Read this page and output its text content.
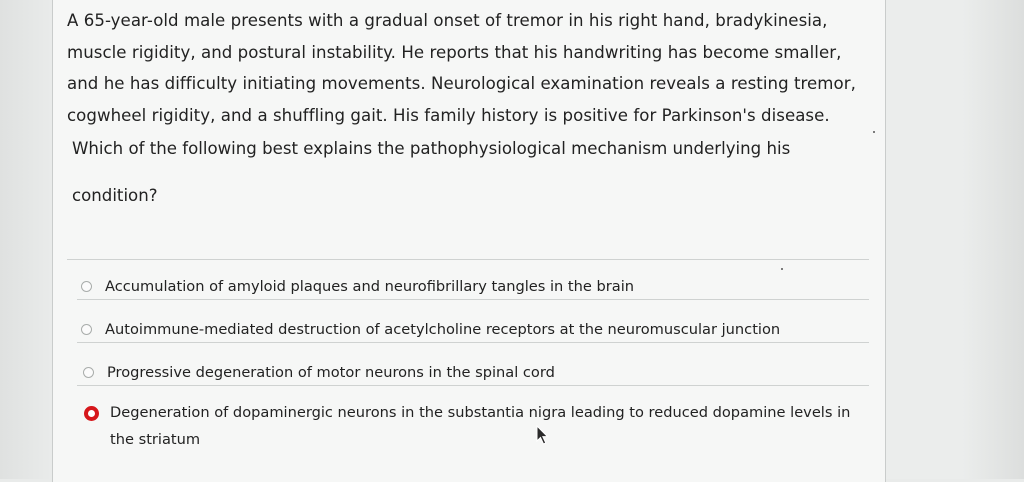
A 65-year-old male presents with a gradual onset of tremor in his right hand, bradykinesia,
muscle rigidity, and postural instability. He reports that his handwriting has become smaller,
and he has difficulty initiating movements. Neurological examination reveals a resting tremor,
cogwheel rigidity, and a shuffling gait. His family history is positive for Parkinson's disease.
Which of the following best explains the pathophysiological mechanism underlying his
condition?
Accumulation of amyloid plaques and neurofibrillary tangles in the brain
Autoimmune-mediated destruction of acetylcholine receptors at the neuromuscular junction
Progressive degeneration of motor neurons in the spinal cord
Degeneration of dopaminergic neurons in the substantia nigra leading to reduced dopamine levels in
the striatum
